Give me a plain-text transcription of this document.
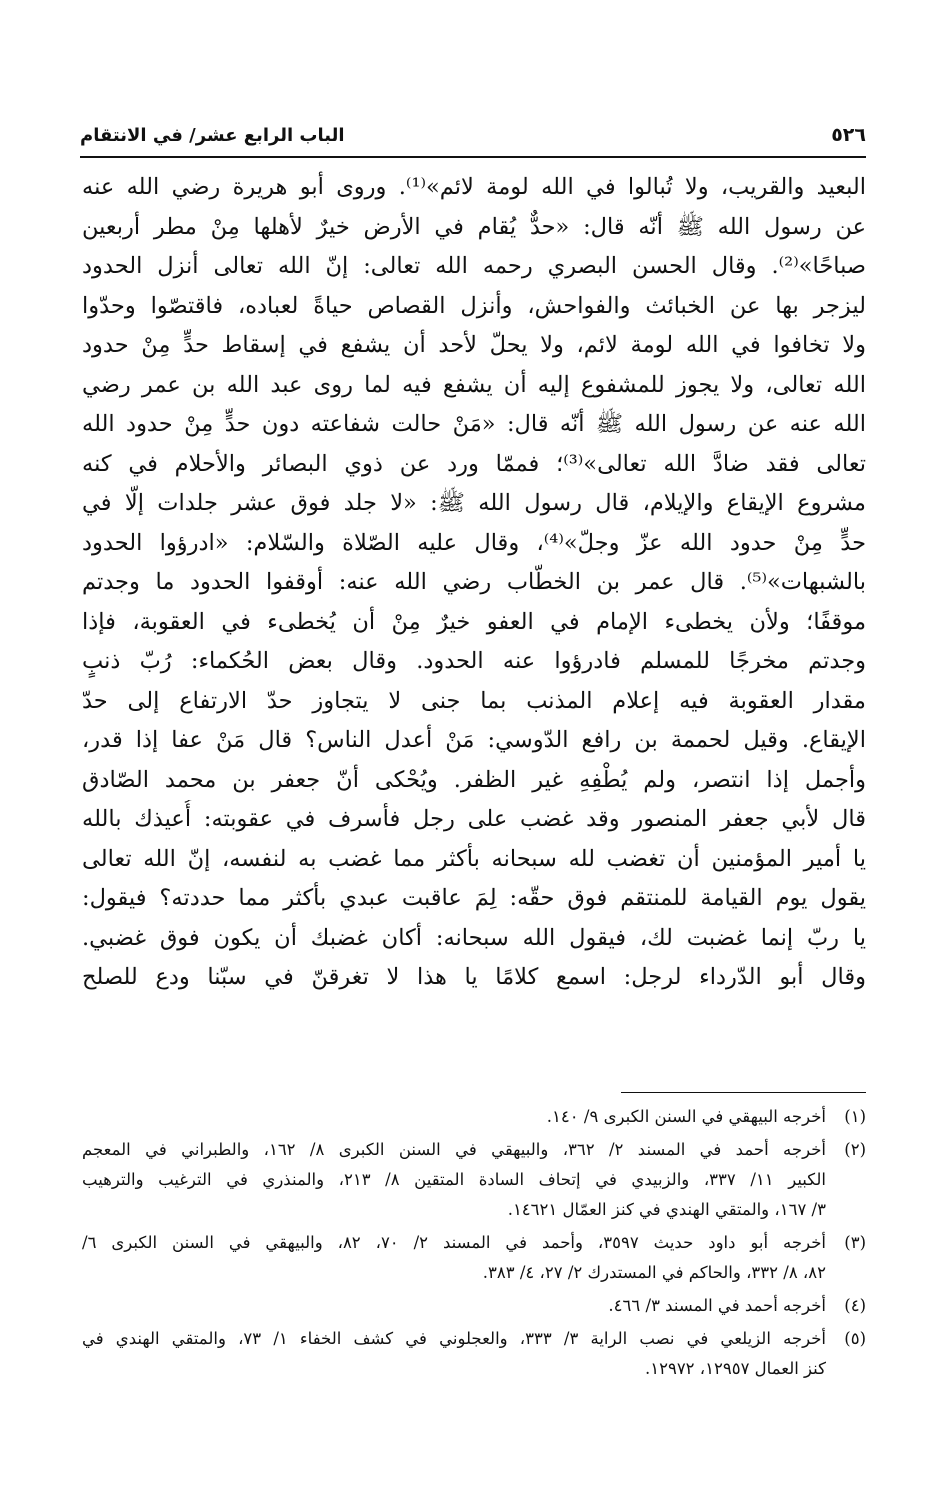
٥٢٦
الباب الرابع عشر/ في الانتقام
البعيد والقريب، ولا تُبالوا في الله لومة لائم»⁽¹⁾. وروى أبو هريرة رضي الله عنه
عن رسول الله ﷺ أنّه قال: «حدٌّ يُقام في الأرض خيرٌ لأهلها مِنْ مطر أربعين
صباحًا»⁽²⁾. وقال الحسن البصري رحمه الله تعالى: إنّ الله تعالى أنزل الحدود
ليزجر بها عن الخبائث والفواحش، وأنزل القصاص حياةً لعباده، فاقتصّوا وحدّوا
ولا تخافوا في الله لومة لائم، ولا يحلّ لأحد أن يشفع في إسقاط حدٍّ مِنْ حدود
الله تعالى، ولا يجوز للمشفوع إليه أن يشفع فيه لما روى عبد الله بن عمر رضي
الله عنه عن رسول الله ﷺ أنّه قال: «مَنْ حالت شفاعته دون حدٍّ مِنْ حدود الله
تعالى فقد ضادَّ الله تعالى»⁽³⁾؛ فممّا ورد عن ذوي البصائر والأحلام في كنه
مشروع الإيقاع والإيلام، قال رسول الله ﷺ: «لا جلد فوق عشر جلدات إلّا في
حدٍّ مِنْ حدود الله عزّ وجلّ»⁽⁴⁾، وقال عليه الصّلاة والسّلام: «ادرؤوا الحدود
بالشبهات»⁽⁵⁾. قال عمر بن الخطّاب رضي الله عنه: أوقفوا الحدود ما وجدتم
موقفًا؛ ولأن يخطىء الإمام في العفو خيرٌ مِنْ أن يُخطىء في العقوبة، فإذا
وجدتم مخرجًا للمسلم فادرؤوا عنه الحدود. وقال بعض الحُكماء: رُبّ ذنبٍ
مقدار العقوبة فيه إعلام المذنب بما جنى لا يتجاوز حدّ الارتفاع إلى حدّ
الإيقاع. وقيل لحممة بن رافع الدّوسي: مَنْ أعدل الناس؟ قال مَنْ عفا إذا قدر،
وأجمل إذا انتصر، ولم يُطْفِهِ غير الظفر. ويُحْكى أنّ جعفر بن محمد الصّادق
قال لأبي جعفر المنصور وقد غضب على رجل فأسرف في عقوبته: أُعيذك بالله
يا أمير المؤمنين أن تغضب لله سبحانه بأكثر مما غضب به لنفسه، إنّ الله تعالى
يقول يوم القيامة للمنتقم فوق حقّه: لِمَ عاقبت عبدي بأكثر مما حددته؟ فيقول:
يا ربّ إنما غضبت لك، فيقول الله سبحانه: أكان غضبك أن يكون فوق غضبي.
وقال أبو الدّرداء لرجل: اسمع كلامًا يا هذا لا تغرقنّ في سبّنا ودع للصلح
(١)
أخرجه البيهقي في السنن الكبرى ٩/ ١٤٠.
(٢)
أخرجه أحمد في المسند ٢/ ٣٦٢، والبيهقي في السنن الكبرى ٨/ ١٦٢، والطبراني في المعجم
الكبير ١١/ ٣٣٧، والزبيدي في إتحاف السادة المتقين ٨/ ٢١٣، والمنذري في الترغيب والترهيب
٣/ ١٦٧، والمتقي الهندي في كنز العمّال ١٤٦٢١.
(٣)
أخرجه أبو داود حديث ٣٥٩٧، وأحمد في المسند ٢/ ٧٠، ٨٢، والبيهقي في السنن الكبرى ٦/
٨٢، ٨/ ٣٣٢، والحاكم في المستدرك ٢/ ٢٧، ٤/ ٣٨٣.
(٤)
أخرجه أحمد في المسند ٣/ ٤٦٦.
(٥)
أخرجه الزيلعي في نصب الراية ٣/ ٣٣٣، والعجلوني في كشف الخفاء ١/ ٧٣، والمتقي الهندي في
كنز العمال ١٢٩٥٧، ١٢٩٧٢.
